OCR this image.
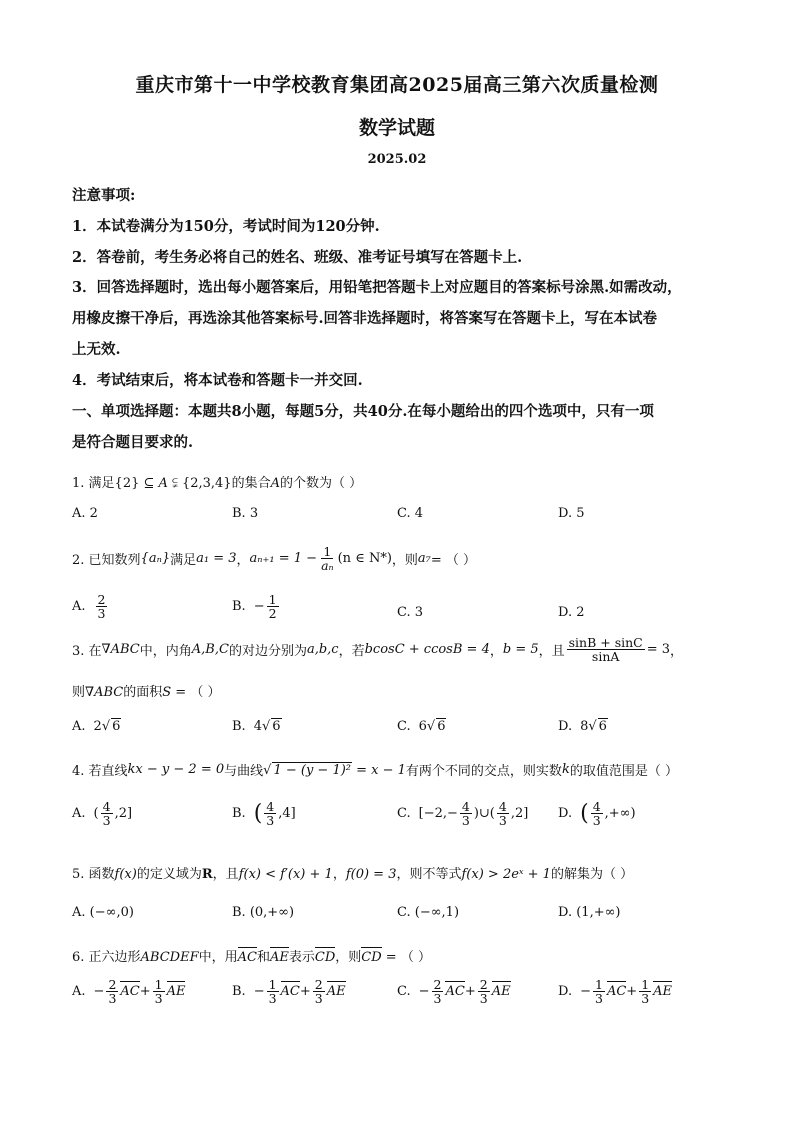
重庆市第十一中学校教育集团高2025届高三第六次质量检测
数学试题
2025.02
注意事项:
1．本试卷满分为150分，考试时间为120分钟.
2．答卷前，考生务必将自己的姓名、班级、准考证号填写在答题卡上.
3．回答选择题时，选出每小题答案后，用铅笔把答题卡上对应题目的答案标号涂黑.如需改动，
用橡皮擦干净后，再选涂其他答案标号.回答非选择题时，将答案写在答题卡上，写在本试卷
上无效.
4．考试结束后，将本试卷和答题卡一并交回.
一、单项选择题：本题共8小题，每题5分，共40分.在每小题给出的四个选项中，只有一项
是符合题目要求的.
1. 满足{2} ⊆ A ⫋ {2,3,4}的集合A的个数为（ ）
A. 2	B. 3	C. 4	D. 5
2. 已知数列 {aₙ} 满足 a₁ = 3 ， $a_{n+1} = 1 - \frac{1}{\text{aₙ}} (n$ ∈ N*) ，则 a₇ = （ ）
A. $\frac{2}{3}$	B. − $\frac{1}{2}$	C. 3	D. 2
3. 在 ∇ABC 中，内角 A,B,C 的对边分别为 a,b,c ，若 bcosC + ccosB = 4 ， b = 5 ，且 $\frac{\sin B + \sin C}{\sin A} = 3$ ，
则∇ABC的面积S = （ ）
A. 2 √ 6	B. 4 √ 6	C. 6 √ 6	D. 8 √ 6
4. 若直线 kx − y − 2 = 0 与曲线 √ 1 − (y − 1)² = x − 1 有两个不同的交点，则实数 k 的取值范围是（ ）
A. ( $\frac{4}{3} ,2$]	B. ( $\frac{4}{3} ,4$]	C. [$-2,- \frac{4}{3}$ )∪( $\frac{4}{3} ,2$] D. ( $\frac{4}{3}$ ,+∞)
5. 函数f(x)的定义域为R，且f(x) < f′(x) + 1，f(0) = 3，则不等式f(x) > 2eˣ + 1的解集为（ ）
A. (−∞,0)	B. (0,+∞)	C. (−∞,1)	D. (1,+∞)
6. 正六边形ABCDEF中，用AC和AE表示CD，则CD = （ ）
A. − $\frac{2}{3}$ AC + $\frac{1}{3}$ AE	B. − $\frac{1}{3}$ AC + $\frac{2}{3}$ AE	C. − $\frac{2}{3}$ AC + $\frac{2}{3}$ AE	D. − $\frac{1}{3}$ AC + $\frac{1}{3}$ AE
